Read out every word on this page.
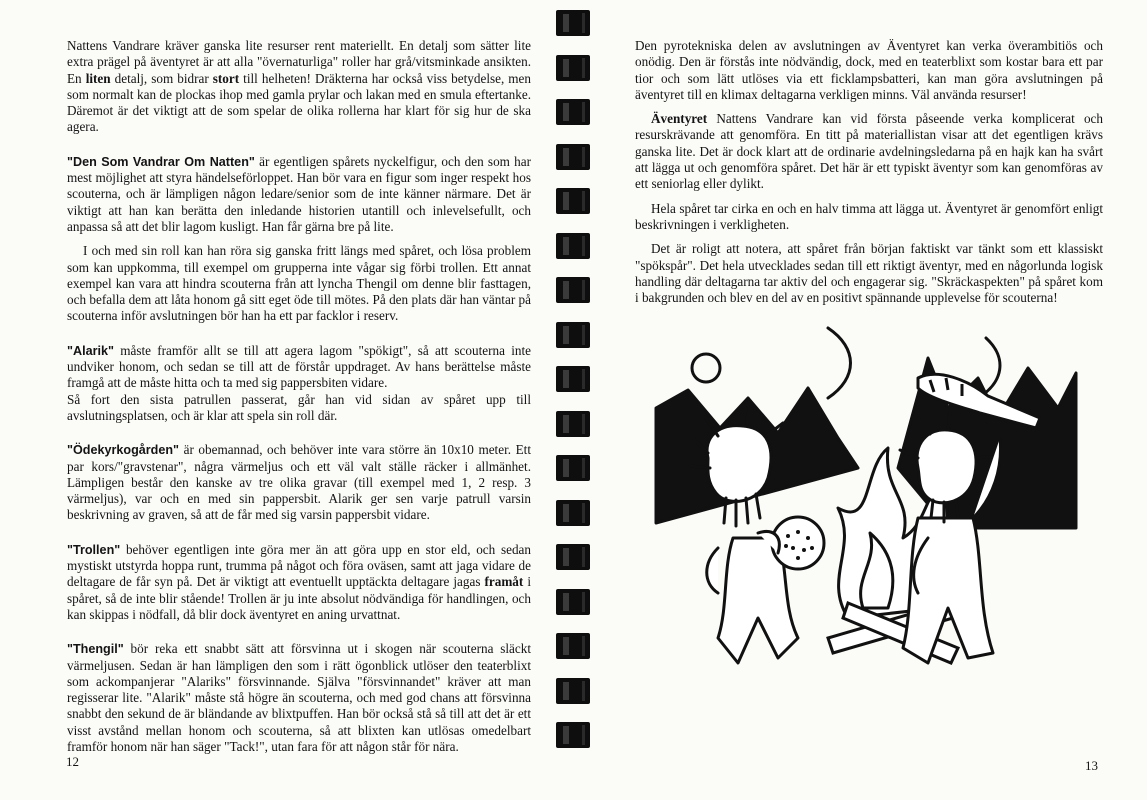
Nattens Vandrare kräver ganska lite resurser rent materiellt. En detalj som sätter lite extra prägel på äventyret är att alla "övernaturliga" roller har grå/vitsminkade ansikten. En liten detalj, som bidrar stort till helheten! Dräkterna har också viss betydelse, men som normalt kan de plockas ihop med gamla prylar och lakan med en smula eftertanke. Däremot är det viktigt att de som spelar de olika rollerna har klart för sig hur de ska agera.

"Den Som Vandrar Om Natten" är egentligen spårets nyckelfigur, och den som har mest möjlighet att styra händelseförloppet. Han bör vara en figur som inger respekt hos scouterna, och är lämpligen någon ledare/senior som de inte känner närmare. Det är viktigt att han kan berätta den inledande historien utantill och inlevelsefullt, och anpassa så att det blir lagom kusligt. Han får gärna bre på lite.

I och med sin roll kan han röra sig ganska fritt längs med spåret, och lösa problem som kan uppkomma, till exempel om grupperna inte vågar sig förbi trollen. Ett annat exempel kan vara att hindra scouterna från att lyncha Thengil om denne blir fasttagen, och befalla dem att låta honom gå sitt eget öde till mötes. På den plats där han väntar på scouterna inför avslutningen bör han ha ett par facklor i reserv.

"Alarik" måste framför allt se till att agera lagom "spökigt", så att scouterna inte undviker honom, och sedan se till att de förstår uppdraget. Av hans berättelse måste framgå att de måste hitta och ta med sig pappersbiten vidare.

Så fort den sista patrullen passerat, går han vid sidan av spåret upp till avslutningsplatsen, och är klar att spela sin roll där.

"Ödekyrkogården" är obemannad, och behöver inte vara större än 10x10 meter. Ett par kors/"gravstenar", några värmeljus och ett väl valt ställe räcker i allmänhet. Lämpligen består den kanske av tre olika gravar (till exempel med 1, 2 resp. 3 värmeljus), var och en med sin pappersbit. Alarik ger sen varje patrull varsin beskrivning av graven, så att de får med sig varsin pappersbit vidare.

"Trollen" behöver egentligen inte göra mer än att göra upp en stor eld, och sedan mystiskt utstyrda hoppa runt, trumma på något och föra oväsen, samt att jaga vidare de deltagare de får syn på. Det är viktigt att eventuellt upptäckta deltagare jagas framåt i spåret, så de inte blir stående! Trollen är ju inte absolut nödvändiga för handlingen, och kan skippas i nödfall, då blir dock äventyret en aning urvattnat.

"Thengil" bör reka ett snabbt sätt att försvinna ut i skogen när scouterna släckt värmeljusen. Sedan är han lämpligen den som i rätt ögonblick utlöser den teaterblixt som ackompanjerar "Alariks" försvinnande. Själva "försvinnandet" kräver att man regisserar lite. "Alarik" måste stå högre än scouterna, och med god chans att försvinna snabbt den sekund de är bländande av blixtpuffen. Han bör också stå så till att det är ett visst avstånd mellan honom och scouterna, så att blixten kan utlösas omedelbart framför honom när han säger "Tack!", utan fara för att någon står för nära.

12

Den pyrotekniska delen av avslutningen av Äventyret kan verka överambitiös och onödig. Den är förstås inte nödvändig, dock, med en teaterblixt som kostar bara ett par tior och som lätt utlöses via ett ficklampsbatteri, kan man göra avslutningen på äventyret till en klimax deltagarna verkligen minns. Väl använda resurser!

Äventyret Nattens Vandrare kan vid första påseende verka komplicerat och resurskrävande att genomföra. En titt på materiallistan visar att det egentligen krävs ganska lite. Det är dock klart att de ordinarie avdelningsledarna på en hajk kan ha svårt att lägga ut och genomföra spåret. Det här är ett typiskt äventyr som kan genomföras av ett seniorlag eller dylikt.

Hela spåret tar cirka en och en halv timma att lägga ut. Äventyret är genomfört enligt beskrivningen i verkligheten.

Det är roligt att notera, att spåret från början faktiskt var tänkt som ett klassiskt "spökspår". Det hela utvecklades sedan till ett riktigt äventyr, med en någorlunda logisk handling där deltagarna tar aktiv del och engagerar sig. "Skräckaspekten" på spåret kom i bakgrunden och blev en del av en positivt spännande upplevelse för scouterna!

13
